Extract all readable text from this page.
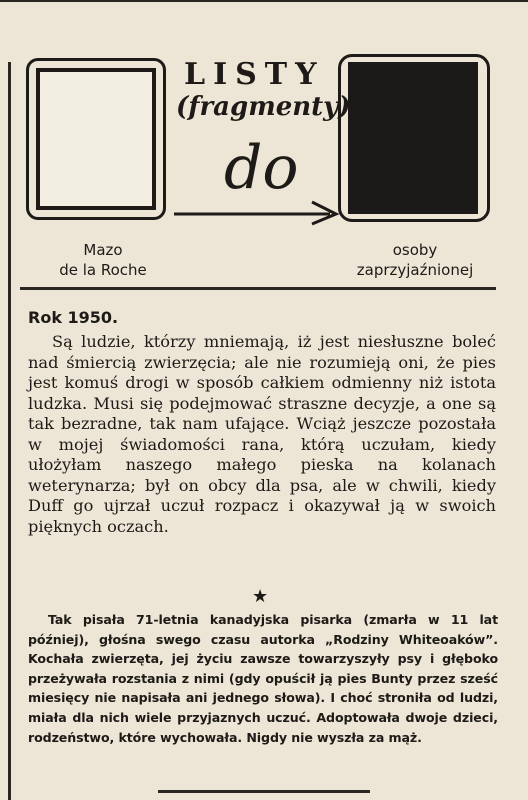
LISTY
(fragmenty)
do
Mazo
de la Roche
osoby
zaprzyjaźnionej
Rok 1950.

Są ludzie, którzy mniemają, iż jest niesłuszne boleć nad śmiercią zwierzęcia; ale nie rozumieją oni, że pies jest komuś drogi w sposób całkiem odmienny niż istota ludzka. Musi się podejmować straszne decyzje, a one są tak bezradne, tak nam ufające. Wciąż jeszcze pozostała w mojej świadomości rana, którą uczułam, kiedy ułożyłam naszego małego pieska na kolanach weterynarza; był on obcy dla psa, ale w chwili, kiedy Duff go ujrzał uczuł rozpacz i okazywał ją w swoich pięknych oczach.

★

Tak pisała 71-letnia kanadyjska pisarka (zmarła w 11 lat później), głośna swego czasu autorka „Rodziny Whiteoaków”. Kochała zwierzęta, jej życiu zawsze towarzyszyły psy i głęboko przeżywała rozstania z nimi (gdy opuścił ją pies Bunty przez sześć miesięcy nie napisała ani jednego słowa). I choć stroniła od ludzi, miała dla nich wiele przyjaznych uczuć. Adoptowała dwoje dzieci, rodzeństwo, które wychowała. Nigdy nie wyszła za mąż.
